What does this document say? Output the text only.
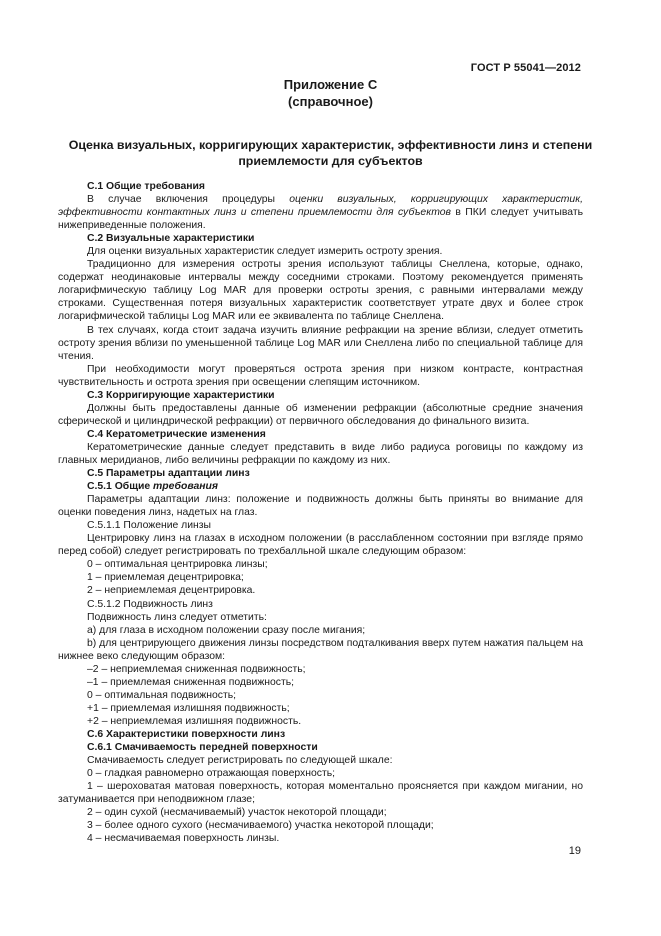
ГОСТ Р 55041—2012
Приложение С
(справочное)
Оценка визуальных, корригирующих характеристик, эффективности линз и степени приемлемости для субъектов

С.1 Общие требования

В случае включения процедуры оценки визуальных, корригирующих характеристик, эффективности контактных линз и степени приемлемости для субъектов в ПКИ следует учитывать нижеприведенные положения.

С.2 Визуальные характеристики

Для оценки визуальных характеристик следует измерить остроту зрения.

Традиционно для измерения остроты зрения используют таблицы Снеллена, которые, однако, содержат неодинаковые интервалы между соседними строками. Поэтому рекомендуется применять логарифмическую таблицу Log MAR для проверки остроты зрения, с равными интервалами между строками. Существенная потеря визуальных характеристик соответствует утрате двух и более строк логарифмической таблицы Log MAR или ее эквивалента по таблице Снеллена.

В тех случаях, когда стоит задача изучить влияние рефракции на зрение вблизи, следует отметить остроту зрения вблизи по уменьшенной таблице Log MAR или Снеллена либо по специальной таблице для чтения.

При необходимости могут проверяться острота зрения при низком контрасте, контрастная чувствительность и острота зрения при освещении слепящим источником.

С.3 Корригирующие характеристики

Должны быть предоставлены данные об изменении рефракции (абсолютные средние значения сферической и цилиндрической рефракции) от первичного обследования до финального визита.

С.4 Кератометрические изменения

Кератометрические данные следует представить в виде либо радиуса роговицы по каждому из главных меридианов, либо величины рефракции по каждому из них.

С.5 Параметры адаптации линз

С.5.1 Общие требования

Параметры адаптации линз: положение и подвижность должны быть приняты во внимание для оценки поведения линз, надетых на глаз.

С.5.1.1 Положение линзы

Центрировку линз на глазах в исходном положении (в расслабленном состоянии при взгляде прямо перед собой) следует регистрировать по трехбалльной шкале следующим образом:

0 – оптимальная центрировка линзы;

1 – приемлемая децентрировка;

2 – неприемлемая децентрировка.

С.5.1.2 Подвижность линз

Подвижность линз следует отметить:

а) для глаза в исходном положении сразу после мигания;

b) для центрирующего движения линзы посредством подталкивания вверх путем нажатия пальцем на нижнее веко следующим образом:

–2 – неприемлемая сниженная подвижность;

–1 – приемлемая сниженная подвижность;

0 – оптимальная подвижность;

+1 – приемлемая излишняя подвижность;

+2 – неприемлемая излишняя подвижность.

С.6 Характеристики поверхности линз

С.6.1 Смачиваемость передней поверхности

Смачиваемость следует регистрировать по следующей шкале:

0 – гладкая равномерно отражающая поверхность;

1 – шероховатая матовая поверхность, которая моментально проясняется при каждом мигании, но затуманивается при неподвижном глазе;

2 – один сухой (несмачиваемый) участок некоторой площади;

3 – более одного сухого (несмачиваемого) участка некоторой площади;

4 – несмачиваемая поверхность линзы.

19
